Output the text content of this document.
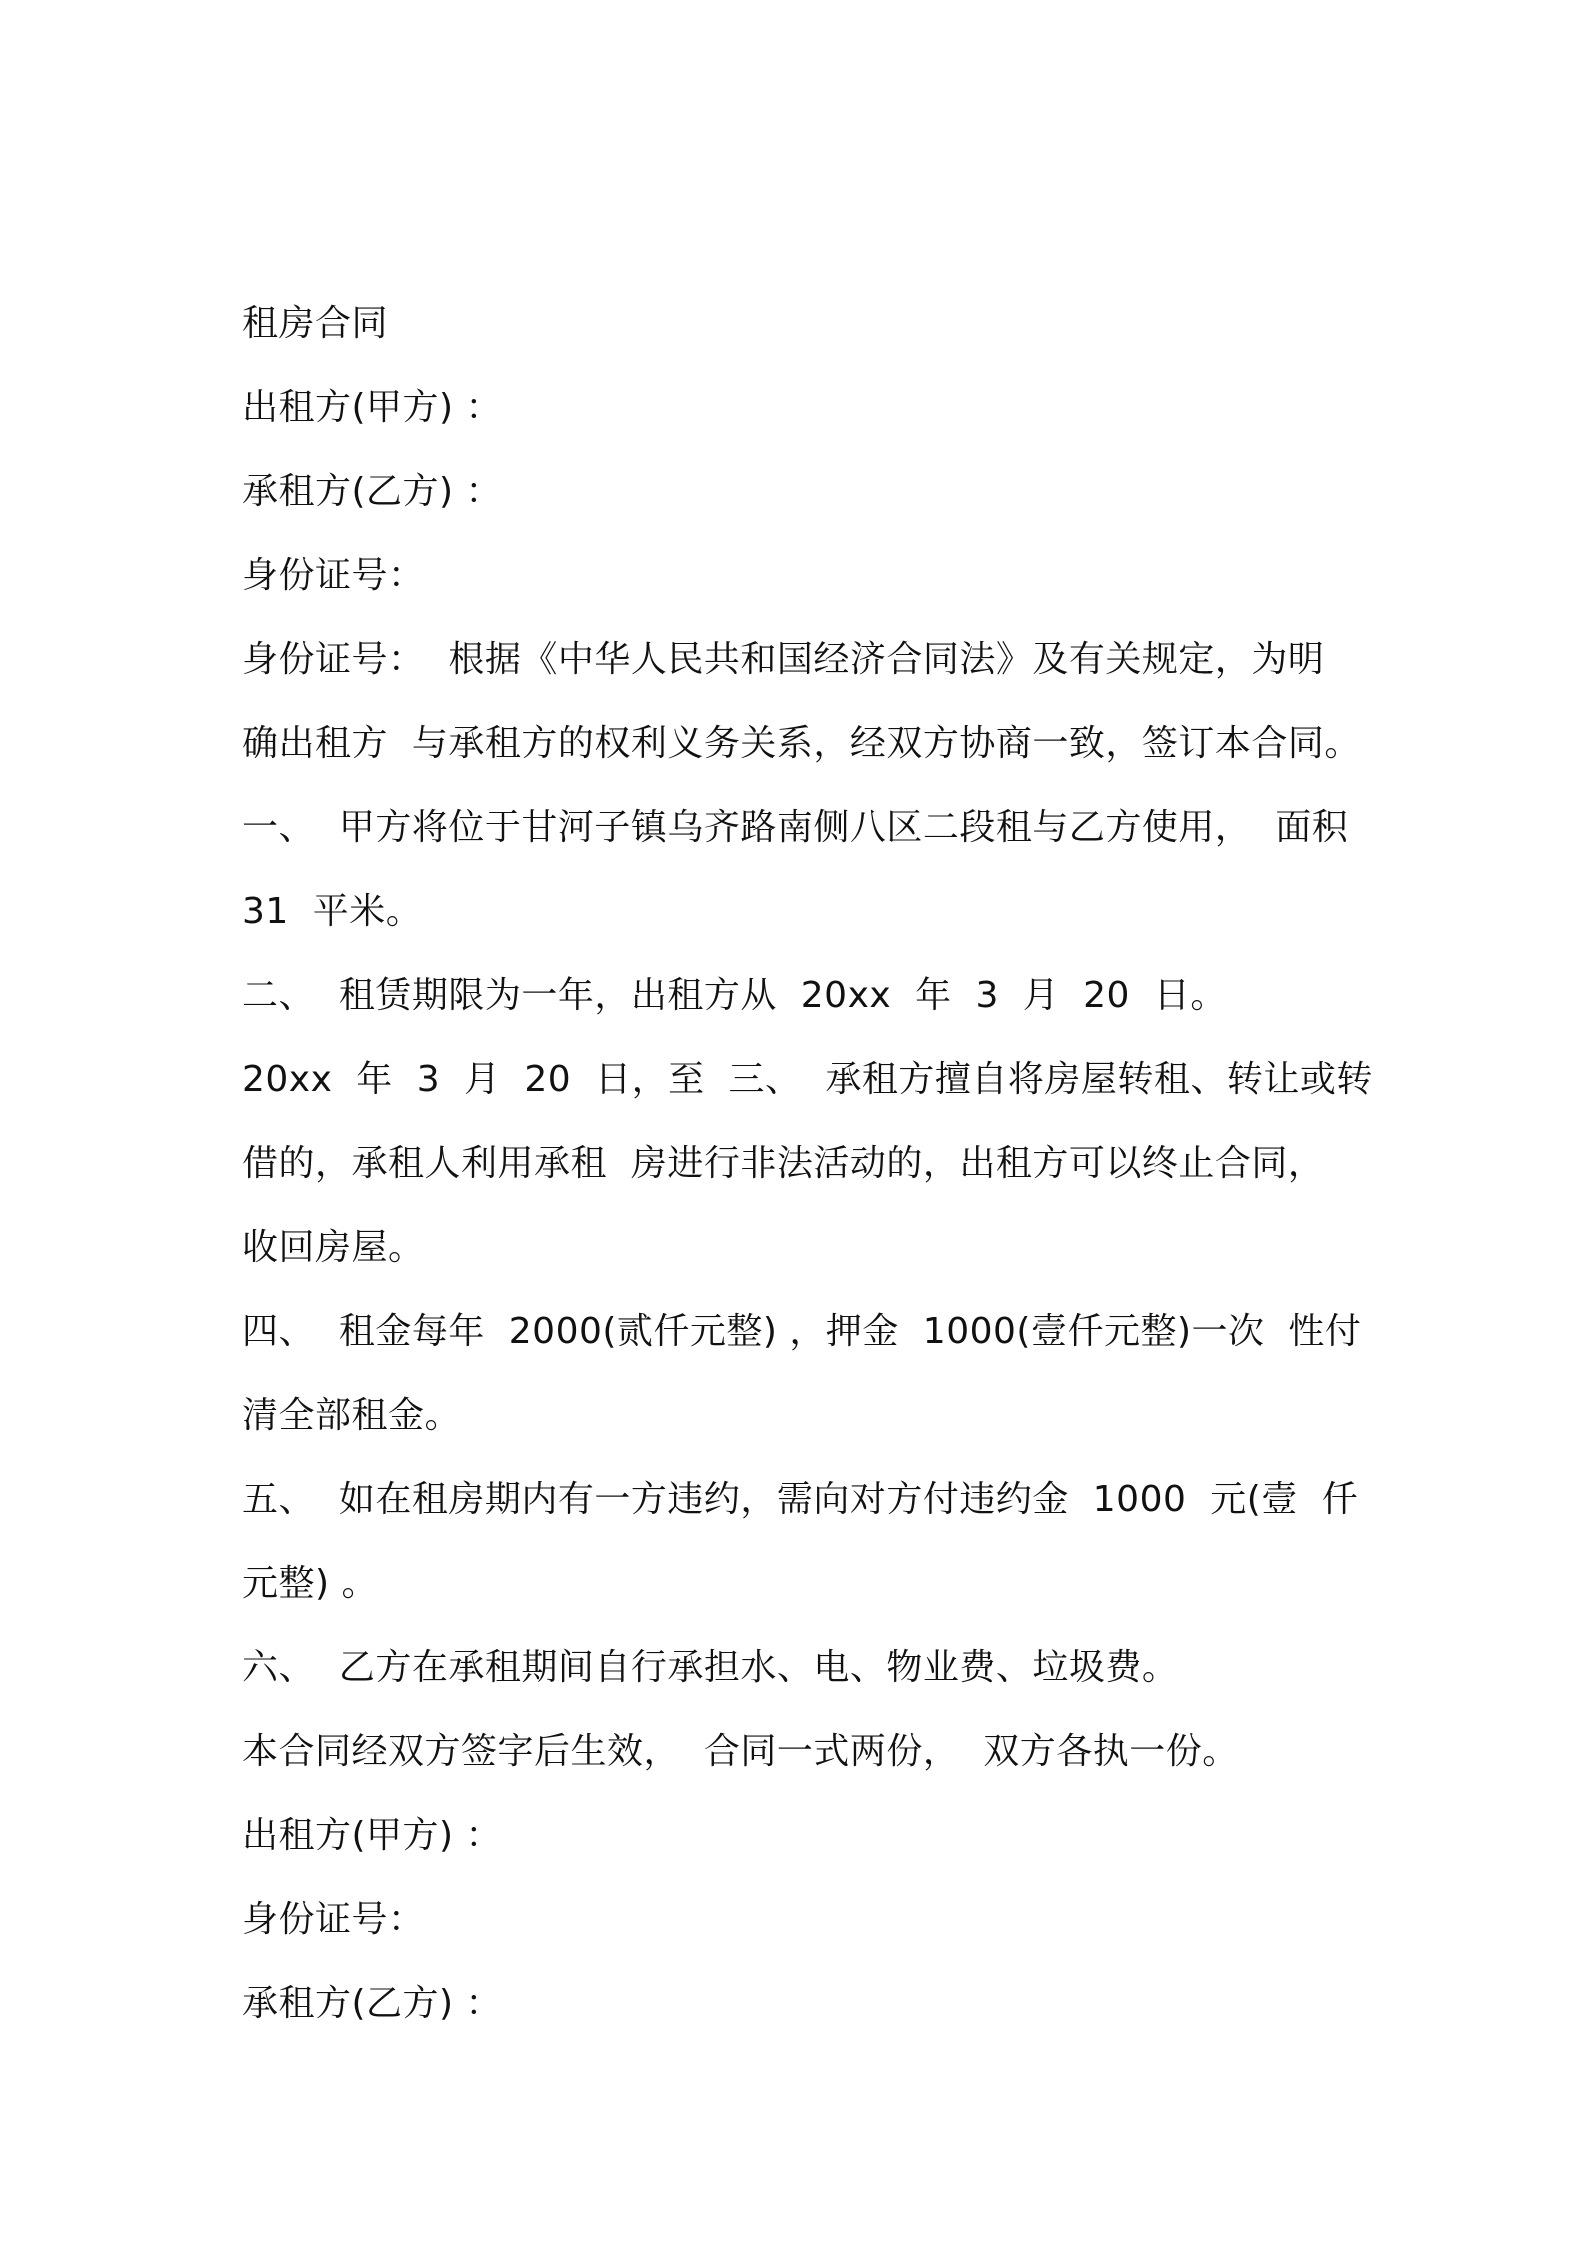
租房合同
出租方(甲方) ：
承租方(乙方) ：
身份证号：
身份证号：  根据《中华人民共和国经济合同法》及有关规定，为明
确出租方  与承租方的权利义务关系，经双方协商一致，签订本合同。
一、  甲方将位于甘河子镇乌齐路南侧八区二段租与乙方使用，  面积
31  平米。
二、  租赁期限为一年，出租方从  20xx  年  3  月  20  日。
20xx  年  3  月  20  日，至  三、  承租方擅自将房屋转租、转让或转
借的，承租人利用承租  房进行非法活动的，出租方可以终止合同，
收回房屋。
四、  租金每年  2000(贰仟元整) ，押金  1000(壹仟元整)一次  性付
清全部租金。
五、  如在租房期内有一方违约，需向对方付违约金  1000  元(壹  仟
元整) 。
六、  乙方在承租期间自行承担水、电、物业费、垃圾费。
本合同经双方签字后生效，  合同一式两份，  双方各执一份。
出租方(甲方) ：
身份证号：
承租方(乙方) ：
